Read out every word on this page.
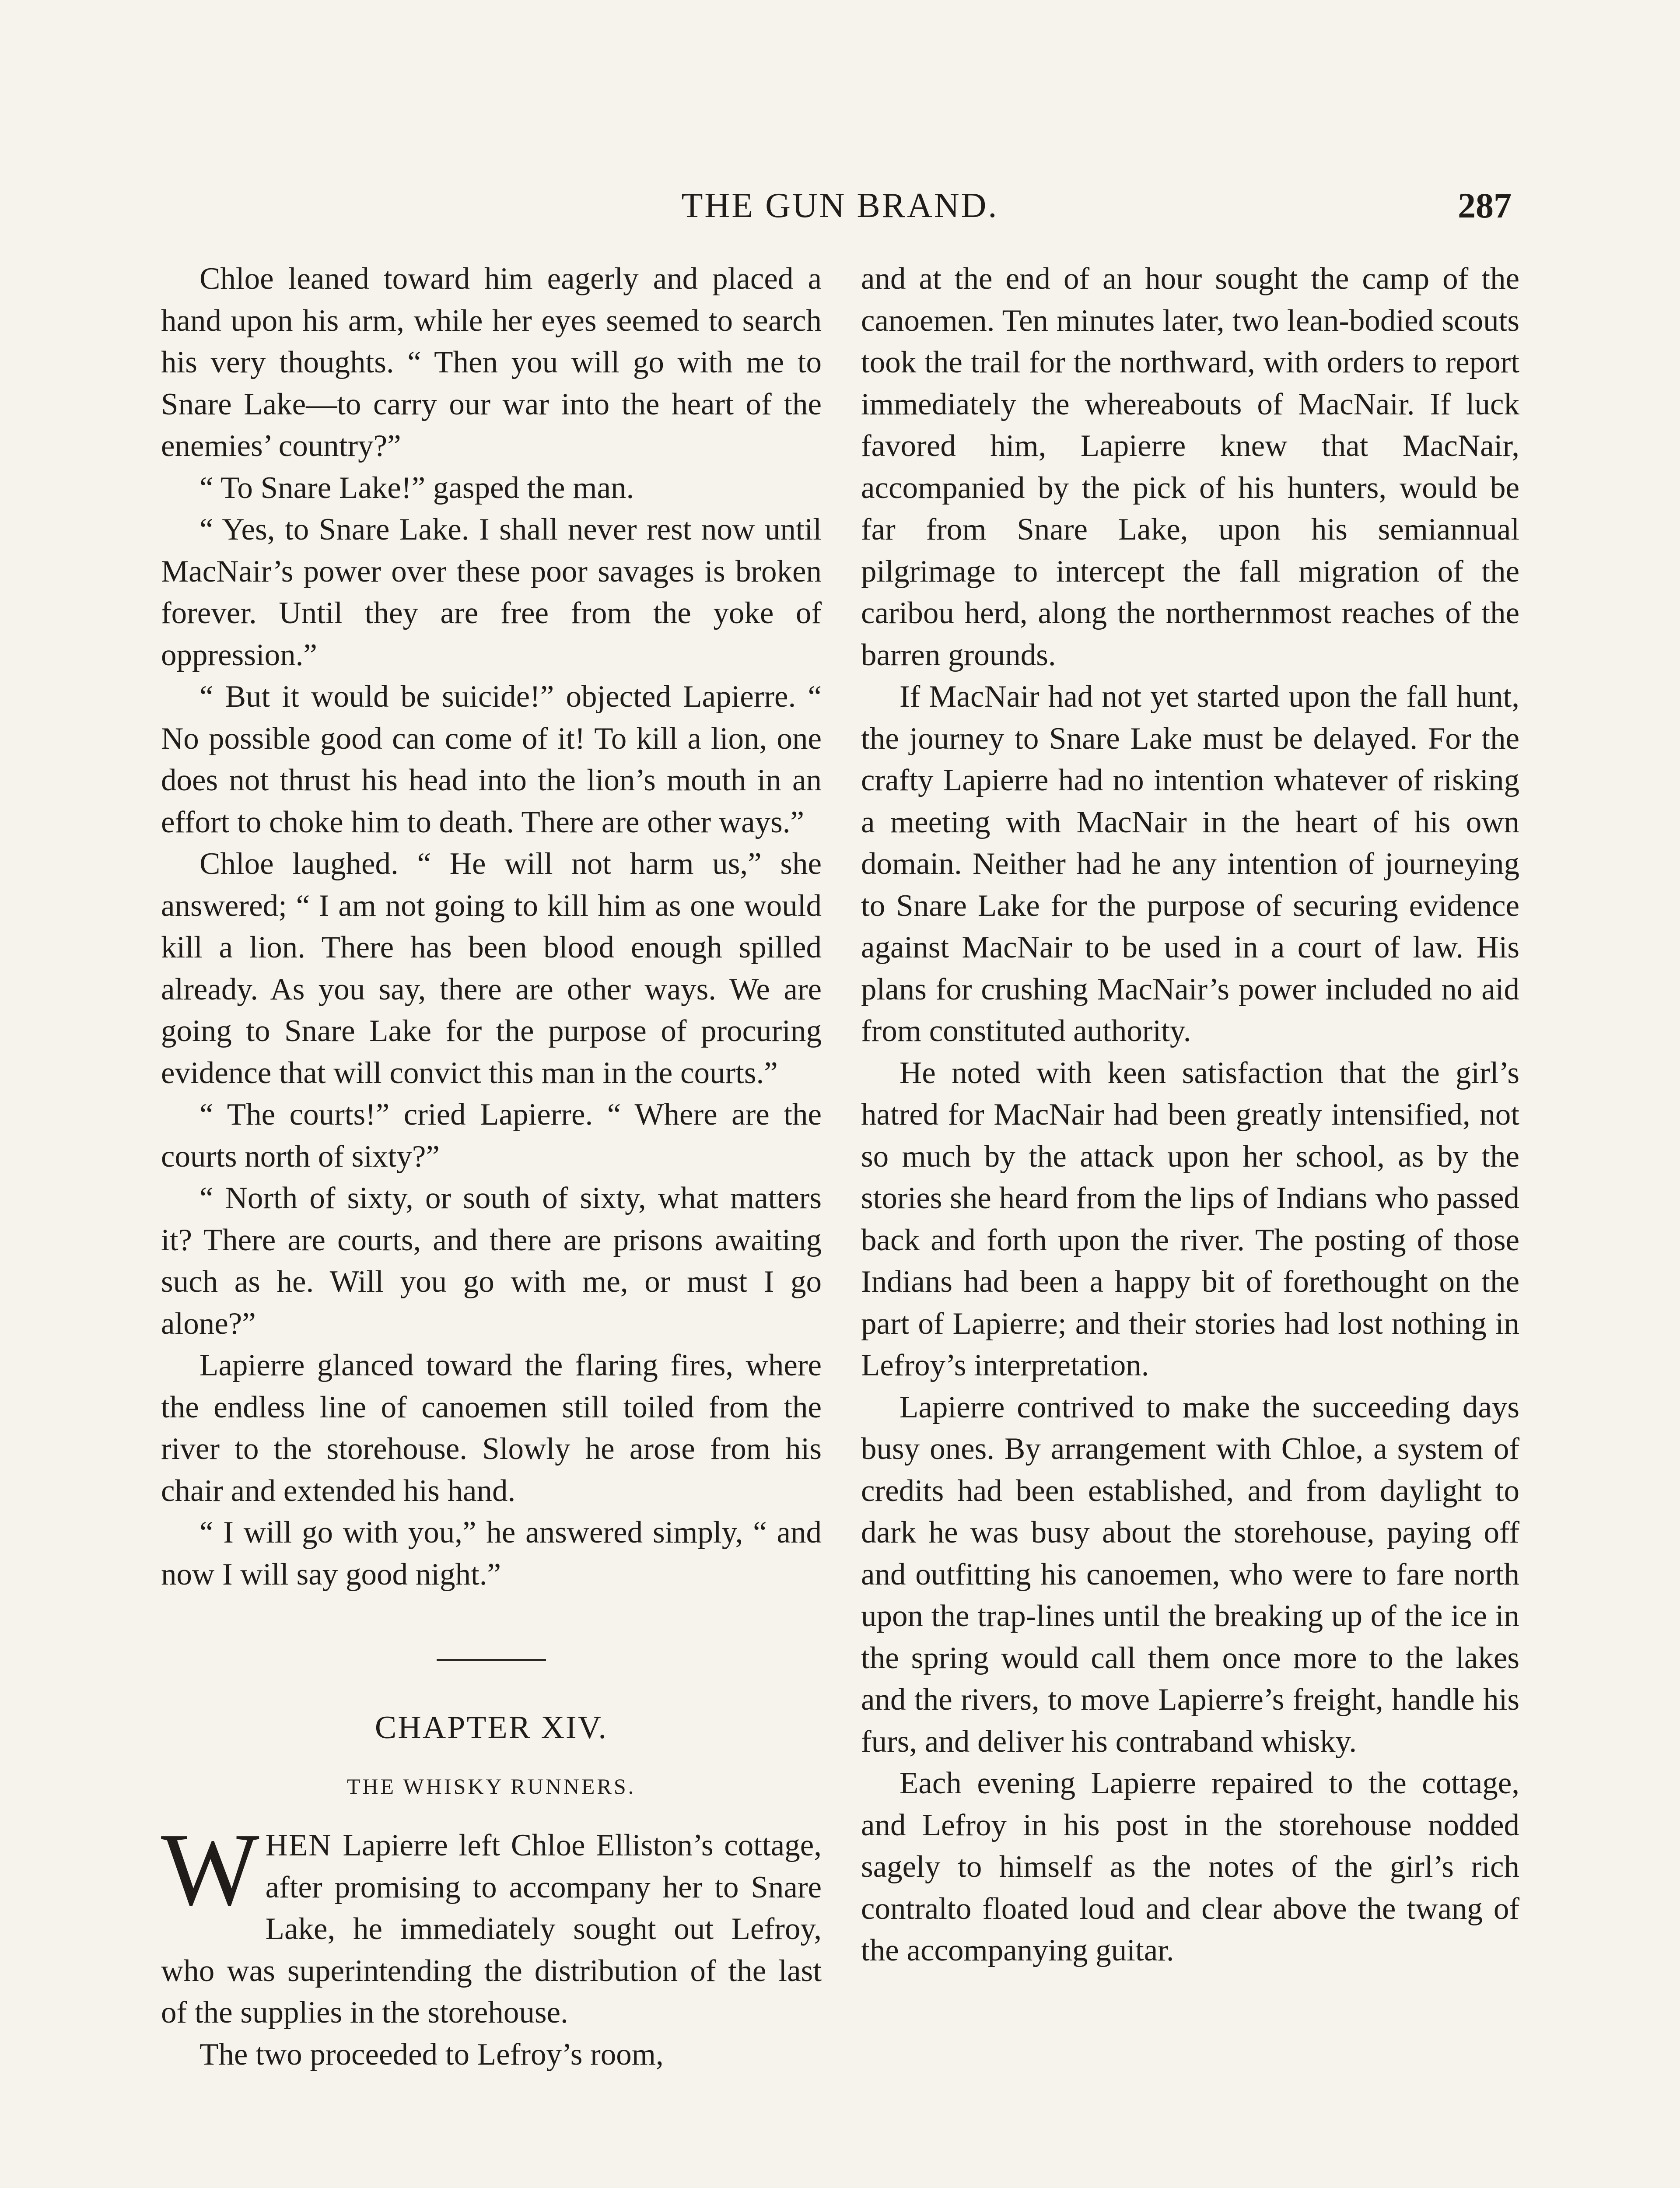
THE GUN BRAND.	287

Chloe leaned toward him eagerly and placed a hand upon his arm, while her eyes seemed to search his very thoughts. “ Then you will go with me to Snare Lake—to carry our war into the heart of the enemies’ country?”

“ To Snare Lake!” gasped the man.

“ Yes, to Snare Lake. I shall never rest now until MacNair’s power over these poor savages is broken forever. Until they are free from the yoke of oppression.”

“ But it would be suicide!” objected Lapierre. “ No possible good can come of it! To kill a lion, one does not thrust his head into the lion’s mouth in an effort to choke him to death. There are other ways.”

Chloe laughed. “ He will not harm us,” she answered; “ I am not going to kill him as one would kill a lion. There has been blood enough spilled already. As you say, there are other ways. We are going to Snare Lake for the purpose of procuring evidence that will convict this man in the courts.”

“ The courts!” cried Lapierre. “ Where are the courts north of sixty?”

“ North of sixty, or south of sixty, what matters it? There are courts, and there are prisons awaiting such as he. Will you go with me, or must I go alone?”

Lapierre glanced toward the flaring fires, where the endless line of canoemen still toiled from the river to the storehouse. Slowly he arose from his chair and extended his hand.

“ I will go with you,” he answered simply, “ and now I will say good night.”

CHAPTER XIV.

THE WHISKY RUNNERS.

WHEN Lapierre left Chloe Elliston’s cottage, after promising to accompany her to Snare Lake, he immediately sought out Lefroy, who was superintending the distribution of the last of the supplies in the storehouse.

The two proceeded to Lefroy’s room,

and at the end of an hour sought the camp of the canoemen. Ten minutes later, two lean-bodied scouts took the trail for the northward, with orders to report immediately the whereabouts of MacNair. If luck favored him, Lapierre knew that MacNair, accompanied by the pick of his hunters, would be far from Snare Lake, upon his semiannual pilgrimage to intercept the fall migration of the caribou herd, along the northernmost reaches of the barren grounds.

If MacNair had not yet started upon the fall hunt, the journey to Snare Lake must be delayed. For the crafty Lapierre had no intention whatever of risking a meeting with MacNair in the heart of his own domain. Neither had he any intention of journeying to Snare Lake for the purpose of securing evidence against MacNair to be used in a court of law. His plans for crushing MacNair’s power included no aid from constituted authority.

He noted with keen satisfaction that the girl’s hatred for MacNair had been greatly intensified, not so much by the attack upon her school, as by the stories she heard from the lips of Indians who passed back and forth upon the river. The posting of those Indians had been a happy bit of forethought on the part of Lapierre; and their stories had lost nothing in Lefroy’s interpretation.

Lapierre contrived to make the succeeding days busy ones. By arrangement with Chloe, a system of credits had been established, and from daylight to dark he was busy about the storehouse, paying off and outfitting his canoemen, who were to fare north upon the trap-lines until the breaking up of the ice in the spring would call them once more to the lakes and the rivers, to move Lapierre’s freight, handle his furs, and deliver his contraband whisky.

Each evening Lapierre repaired to the cottage, and Lefroy in his post in the storehouse nodded sagely to himself as the notes of the girl’s rich contralto floated loud and clear above the twang of the accompanying guitar.
